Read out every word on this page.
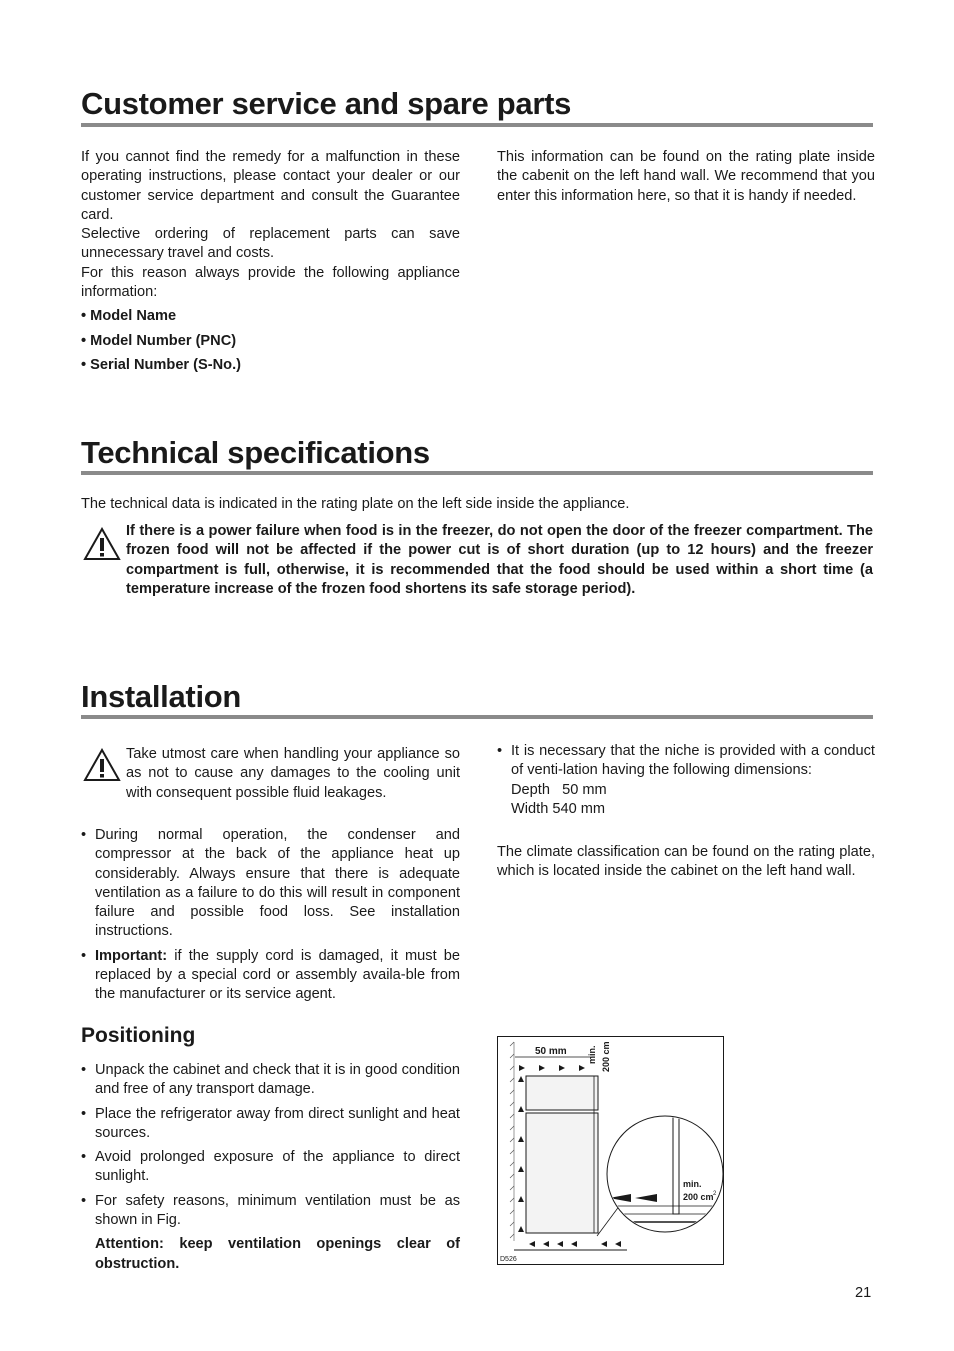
Customer service and spare parts

If you cannot find the remedy for a malfunction in these operating instructions, please contact your dealer or our customer service department and consult the Guarantee card.

Selective ordering of replacement parts can save unnecessary travel and costs.

For this reason always provide the following appliance information:

• Model Name
• Model Number (PNC)
• Serial Number (S-No.)

This information can be found on the rating plate inside the cabenit on the left hand wall. We recommend that you enter this information here, so that it is handy if needed.

Technical specifications

The technical data is indicated in the rating plate on the left side inside the appliance.

If there is a power failure when food is in the freezer, do not open the door of the freezer compartment. The frozen food will not be affected if the power cut is of short duration (up to 12 hours) and the freezer compartment is full, otherwise, it is recommended that the food should be used within a short time (a temperature increase of the frozen food shortens its safe storage period).

Installation

Take utmost care when handling your appliance so as not to cause any damages to the cooling unit with consequent possible fluid leakages.

• During normal operation, the condenser and compressor at the back of the appliance heat up considerably. Always ensure that there is adequate ventilation as a failure to do this will result in component failure and possible food loss. See installation instructions.
• Important: if the supply cord is damaged, it must be replaced by a special cord or assembly availa-ble from the manufacturer or its service agent.
• It is necessary that the niche is provided with a conduct of venti-lation having the following dimensions:
Depth   50 mm
Width 540 mm

The climate classification can be found on the rating plate, which is located inside the cabinet on the left hand wall.

Positioning
• Unpack the cabinet and check that it is in good condition and free of any transport damage.
• Place the refrigerator away from direct sunlight and heat sources.
• Avoid prolonged exposure of the appliance to direct sunlight.
• For safety reasons, minimum ventilation must be as shown in Fig.

Attention: keep ventilation openings clear of obstruction.

50 mm min. 200 cm
min.
200 cm 2
D526
21
